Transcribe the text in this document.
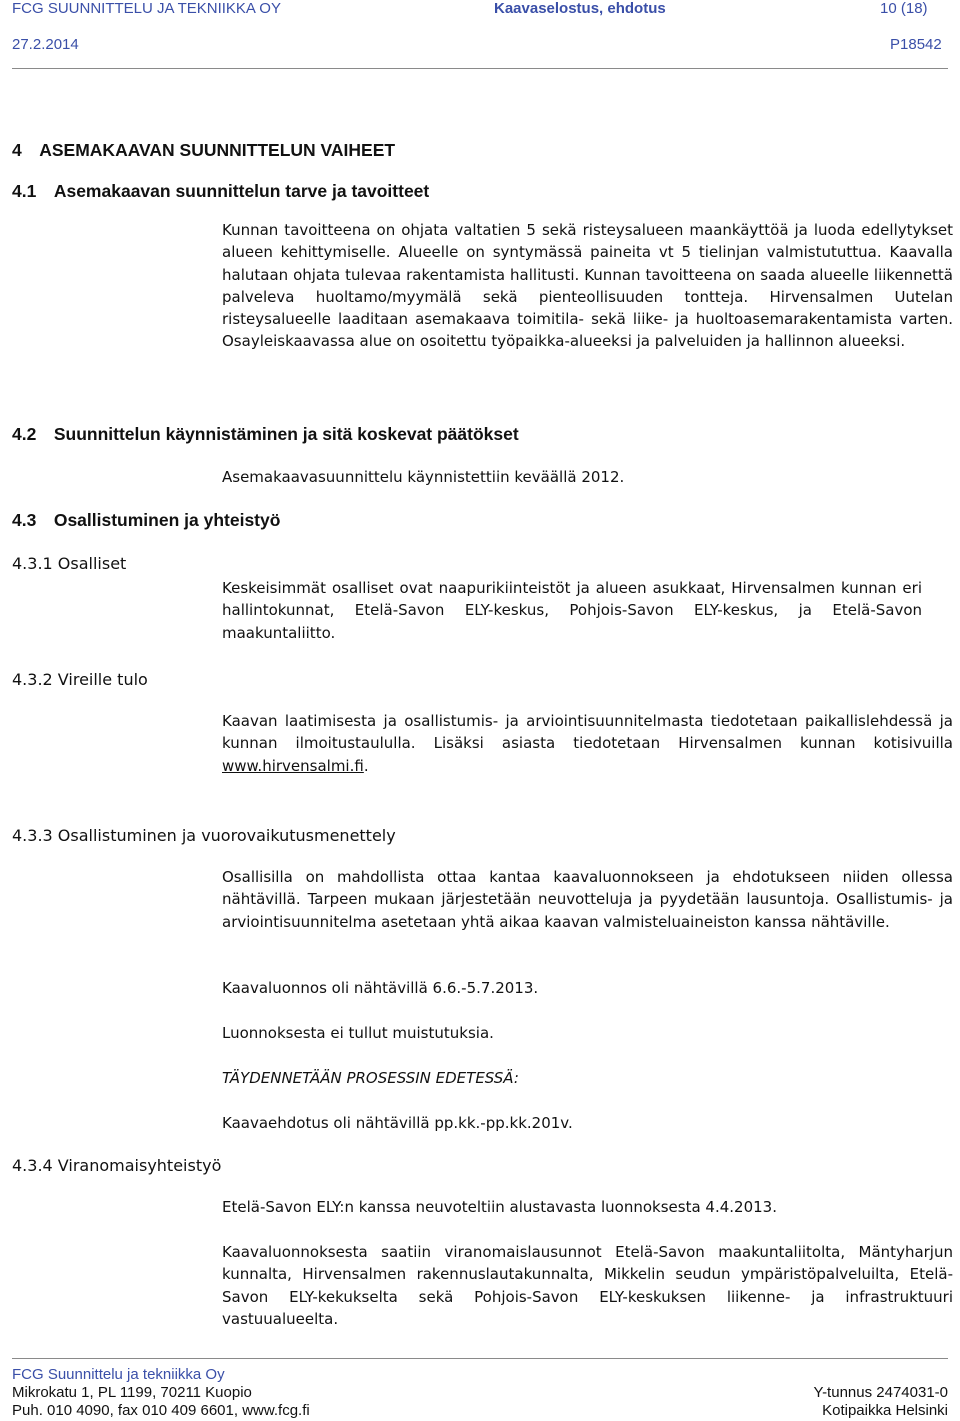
FCG SUUNNITTELU JA TEKNIIKKA OY	Kaavaselostus, ehdotus	10 (18)
27.2.2014	P18542
4 ASEMAKAAVAN SUUNNITTELUN VAIHEET
4.1 Asemakaavan suunnittelun tarve ja tavoitteet
Kunnan tavoitteena on ohjata valtatien 5 sekä risteysalueen maankäyttöä ja luoda edellytykset alueen kehittymiselle. Alueelle on syntymässä paineita vt 5 tielinjan valmistututtua. Kaavalla halutaan ohjata tulevaa rakentamista hallitusti. Kunnan tavoitteena on saada alueelle liikennettä palveleva huoltamo/myymälä sekä pienteollisuuden tontteja. Hirvensalmen Uutelan risteysalueelle laaditaan asemakaava toimitila- sekä liike- ja huoltoasemarakentamista varten. Osayleiskaavassa alue on osoitettu työpaikka-alueeksi ja palveluiden ja hallinnon alueeksi.
4.2 Suunnittelun käynnistäminen ja sitä koskevat päätökset
Asemakaavasuunnittelu käynnistettiin keväällä 2012.
4.3 Osallistuminen ja yhteistyö
4.3.1 Osalliset
Keskeisimmät osalliset ovat naapurikiinteistöt ja alueen asukkaat, Hirvensalmen kunnan eri hallintokunnat, Etelä-Savon ELY-keskus, Pohjois-Savon ELY-keskus, ja Etelä-Savon maakuntaliitto.
4.3.2 Vireille tulo
Kaavan laatimisesta ja osallistumis- ja arviointisuunnitelmasta tiedotetaan paikallislehdessä ja kunnan ilmoitustaululla. Lisäksi asiasta tiedotetaan Hirvensalmen kunnan kotisivuilla www.hirvensalmi.fi.
4.3.3 Osallistuminen ja vuorovaikutusmenettely
Osallisilla on mahdollista ottaa kantaa kaavaluonnokseen ja ehdotukseen niiden ollessa nähtävillä. Tarpeen mukaan järjestetään neuvotteluja ja pyydetään lausuntoja. Osallistumis- ja arviointisuunnitelma asetetaan yhtä aikaa kaavan valmisteluaineiston kanssa nähtäville.
Kaavaluonnos oli nähtävillä 6.6.-5.7.2013.
Luonnoksesta ei tullut muistutuksia.
TÄYDENNETÄÄN PROSESSIN EDETESSÄ:
Kaavaehdotus oli nähtävillä pp.kk.-pp.kk.201v.
4.3.4 Viranomaisyhteistyö
Etelä-Savon ELY:n kanssa neuvoteltiin alustavasta luonnoksesta 4.4.2013.
Kaavaluonnoksesta saatiin viranomaislausunnot Etelä-Savon maakuntaliitolta, Mäntyharjun kunnalta, Hirvensalmen rakennuslautakunnalta, Mikkelin seudun ympäristöpalveluilta, Etelä-Savon ELY-kekukselta sekä Pohjois-Savon ELY-keskuksen liikenne- ja infrastruktuuri vastuualueelta.
FCG Suunnittelu ja tekniikka Oy
Mikrokatu 1, PL 1199, 70211 Kuopio
Puh. 010 4090, fax 010 409 6601, www.fcg.fi
Y-tunnus 2474031-0
Kotipaikka Helsinki
